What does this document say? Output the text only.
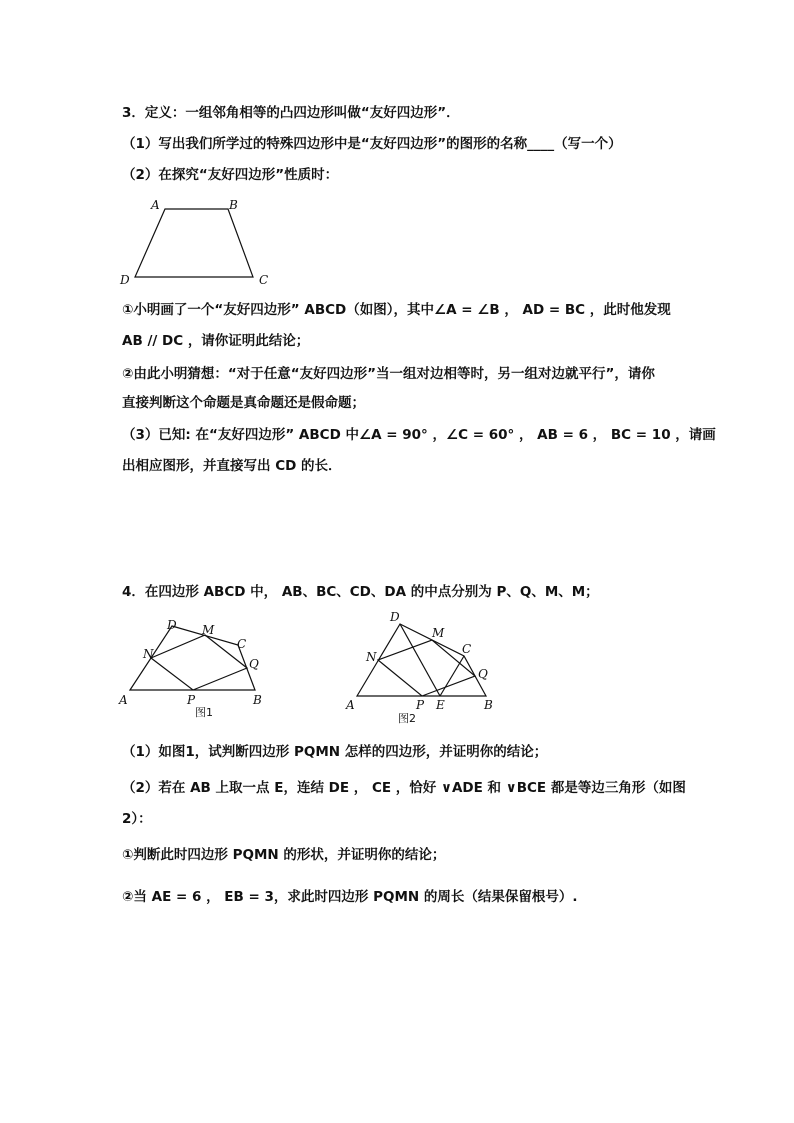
3．定义：一组邻角相等的凸四边形叫做“友好四边形”．
（1）写出我们所学过的特殊四边形中是“友好四边形”的图形的名称____（写一个）
（2）在探究“友好四边形”性质时：
A	B
C
D
①小明画了一个“友好四边形” ABCD（如图），其中∠A = ∠B ， AD = BC ，此时他发现
AB // DC ，请你证明此结论；
②由此小明猜想：“对于任意“友好四边形”当一组对边相等时，另一组对边就平行”，请你
直接判断这个命题是真命题还是假命题；
（3）已知: 在“友好四边形” ABCD 中∠A = 90° ，∠C = 60° ， AB = 6 ， BC = 10 ，请画
出相应图形，并直接写出 CD 的长．
4．在四边形 ABCD 中， AB、BC、CD、DA 的中点分别为 P、Q、M、M；
A	B
C
D M
N
P
Q
图1
A	B
C
D
M
N
P E
Q
图2
（1）如图1，试判断四边形 PQMN 怎样的四边形，并证明你的结论；
（2）若在 AB 上取一点 E，连结 DE ， CE ，恰好 ∨ADE 和 ∨BCE 都是等边三角形（如图
2）：
①判断此时四边形 PQMN 的形状，并证明你的结论；
②当 AE = 6 ， EB = 3，求此时四边形 PQMN 的周长（结果保留根号）.
